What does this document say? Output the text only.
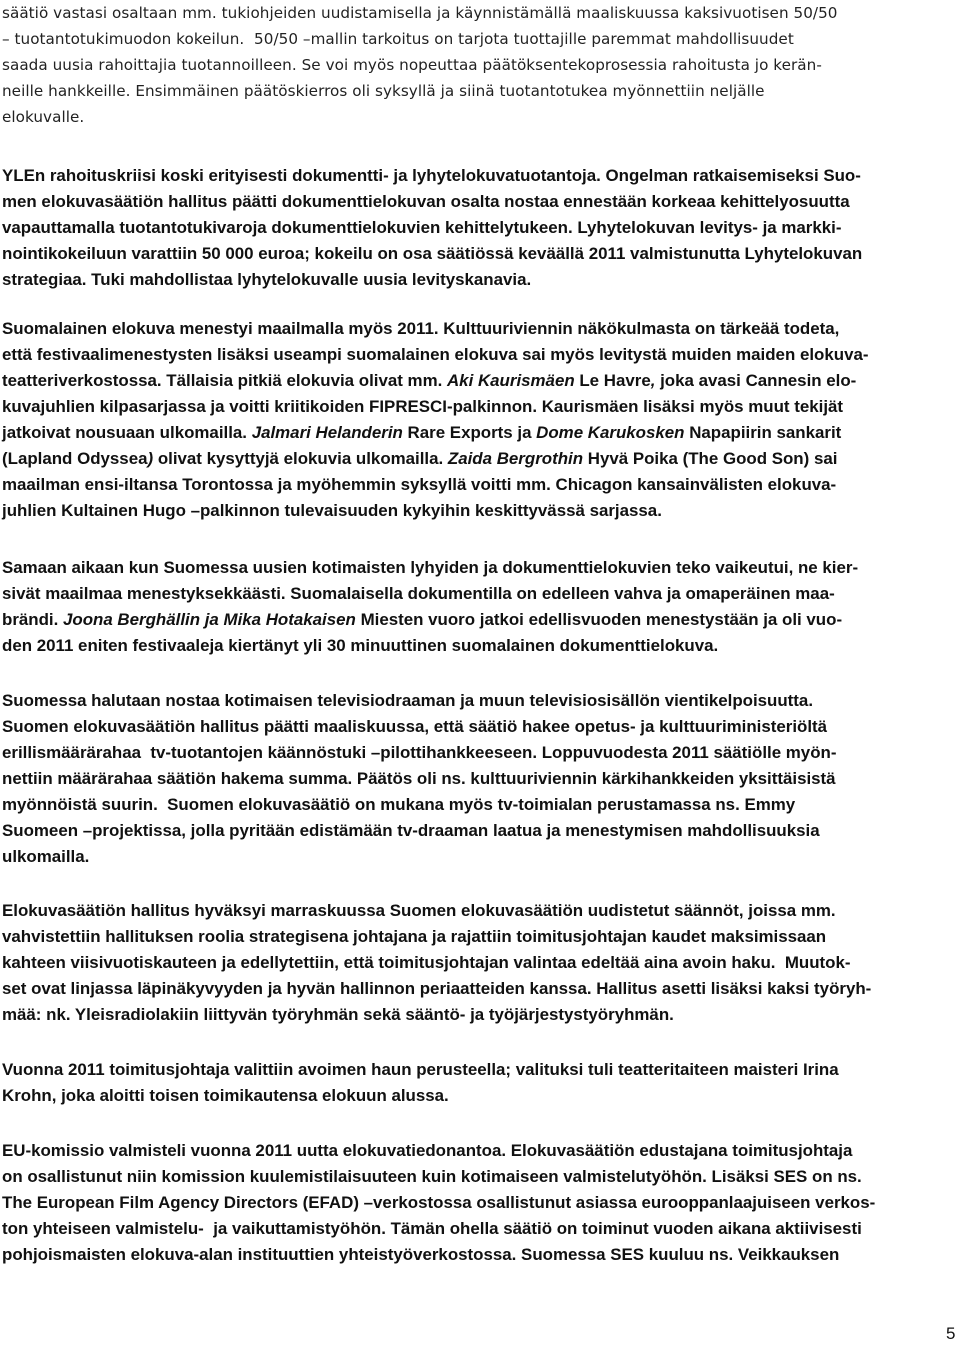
säätiö vastasi osaltaan mm. tukiohjeiden uudistamisella ja käynnistämällä maaliskuussa kaksivuotisen 50/50
– tuotantotukimuodon kokeilun.  50/50 –mallin tarkoitus on tarjota tuottajille paremmat mahdollisuudet
saada uusia rahoittajia tuotannoilleen. Se voi myös nopeuttaa päätöksentekoprosessia rahoitusta jo kerän-
neille hankkeille. Ensimmäinen päätöskierros oli syksyllä ja siinä tuotantotukea myönnettiin neljälle
elokuvalle.
YLEn rahoituskriisi koski erityisesti dokumentti- ja lyhytelokuvatuotantoja. Ongelman ratkaisemiseksi Suo-
men elokuvasäätiön hallitus päätti dokumenttielokuvan osalta nostaa ennestään korkeaa kehittelyosuutta
vapauttamalla tuotantotukivaroja dokumenttielokuvien kehittelytukeen. Lyhytelokuvan levitys- ja markki-
nointikokeiluun varattiin 50 000 euroa; kokeilu on osa säätiössä keväällä 2011 valmistunutta Lyhytelokuvan
strategiaa. Tuki mahdollistaa lyhytelokuvalle uusia levityskanavia.
Suomalainen elokuva menestyi maailmalla myös 2011. Kulttuuriviennin näkökulmasta on tärkeää todeta,
että festivaalimenestysten lisäksi useampi suomalainen elokuva sai myös levitystä muiden maiden elokuva-
teatteriverkostossa. Tällaisia pitkiä elokuvia olivat mm. Aki Kaurismäen Le Havre, joka avasi Cannesin elo-
kuvajuhlien kilpasarjassa ja voitti kriitikoiden FIPRESCI-palkinnon. Kaurismäen lisäksi myös muut tekijät
jatkoivat nousuaan ulkomailla. Jalmari Helanderin Rare Exports ja Dome Karukosken Napapiirin sankarit
(Lapland Odyssea) olivat kysyttyjä elokuvia ulkomailla. Zaida Bergrothin Hyvä Poika (The Good Son) sai
maailman ensi-iltansa Torontossa ja myöhemmin syksyllä voitti mm. Chicagon kansainvälisten elokuva-
juhlien Kultainen Hugo –palkinnon tulevaisuuden kykyihin keskittyvässä sarjassa.
Samaan aikaan kun Suomessa uusien kotimaisten lyhyiden ja dokumenttielokuvien teko vaikeutui, ne kier-
sivät maailmaa menestyksekkäästi. Suomalaisella dokumentilla on edelleen vahva ja omaperäinen maa-
brändi. Joona Berghällin ja Mika Hotakaisen Miesten vuoro jatkoi edellisvuoden menestystään ja oli vuo-
den 2011 eniten festivaaleja kiertänyt yli 30 minuuttinen suomalainen dokumenttielokuva.
Suomessa halutaan nostaa kotimaisen televisiodraaman ja muun televisiosisällön vientikelpoisuutta.
Suomen elokuvasäätiön hallitus päätti maaliskuussa, että säätiö hakee opetus- ja kulttuuriministeriöltä
erillismäärärahaa  tv-tuotantojen käännöstuki –pilottihankkeeseen. Loppuvuodesta 2011 säätiölle myön-
nettiin määrärahaa säätiön hakema summa. Päätös oli ns. kulttuuriviennin kärkihankkeiden yksittäisistä
myönnöistä suurin.  Suomen elokuvasäätiö on mukana myös tv-toimialan perustamassa ns. Emmy
Suomeen –projektissa, jolla pyritään edistämään tv-draaman laatua ja menestymisen mahdollisuuksia
ulkomailla.
Elokuvasäätiön hallitus hyväksyi marraskuussa Suomen elokuvasäätiön uudistetut säännöt, joissa mm.
vahvistettiin hallituksen roolia strategisena johtajana ja rajattiin toimitusjohtajan kaudet maksimissaan
kahteen viisivuotiskauteen ja edellytettiin, että toimitusjohtajan valintaa edeltää aina avoin haku.  Muutok-
set ovat linjassa läpinäkyvyyden ja hyvän hallinnon periaatteiden kanssa. Hallitus asetti lisäksi kaksi työryh-
mää: nk. Yleisradiolakiin liittyvän työryhmän sekä sääntö- ja työjärjestystyöryhmän.
Vuonna 2011 toimitusjohtaja valittiin avoimen haun perusteella; valituksi tuli teatteritaiteen maisteri Irina
Krohn, joka aloitti toisen toimikautensa elokuun alussa.
EU-komissio valmisteli vuonna 2011 uutta elokuvatiedonantoa. Elokuvasäätiön edustajana toimitusjohtaja
on osallistunut niin komission kuulemistilaisuuteen kuin kotimaiseen valmistelutyöhön. Lisäksi SES on ns.
The European Film Agency Directors (EFAD) –verkostossa osallistunut asiassa eurooppanlaajuiseen verkos-
ton yhteiseen valmistelu-  ja vaikuttamistyöhön. Tämän ohella säätiö on toiminut vuoden aikana aktiivisesti
pohjoismaisten elokuva-alan instituuttien yhteistyöverkostossa. Suomessa SES kuuluu ns. Veikkauksen
5
